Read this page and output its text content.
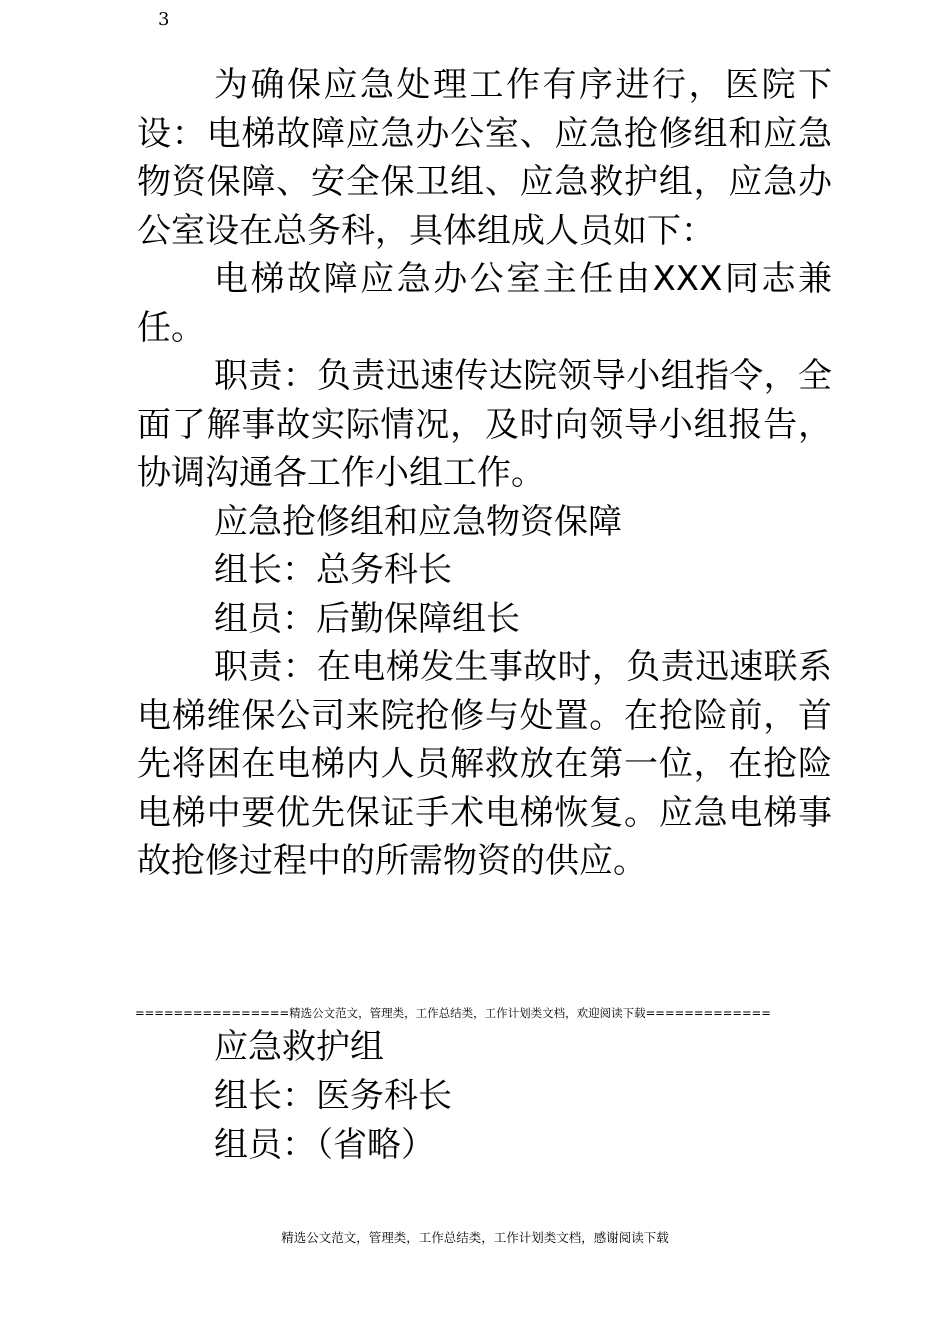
3

为确保应急处理工作有序进行，医院下设：电梯故障应急办公室、应急抢修组和应急物资保障、安全保卫组、应急救护组，应急办公室设在总务科，具体组成人员如下：

电梯故障应急办公室主任由XXX同志兼任。

职责：负责迅速传达院领导小组指令，全面了解事故实际情况，及时向领导小组报告，协调沟通各工作小组工作。

应急抢修组和应急物资保障

组长：总务科长

组员：后勤保障组长

职责：在电梯发生事故时，负责迅速联系电梯维保公司来院抢修与处置。在抢险前，首先将困在电梯内人员解救放在第一位，在抢险电梯中要优先保证手术电梯恢复。应急电梯事故抢修过程中的所需物资的供应。

================精选公文范文，管理类，工作总结类，工作计划类文档，欢迎阅读下载=============

应急救护组

组长：医务科长

组员：（省略）

精选公文范文，管理类，工作总结类，工作计划类文档，感谢阅读下载
